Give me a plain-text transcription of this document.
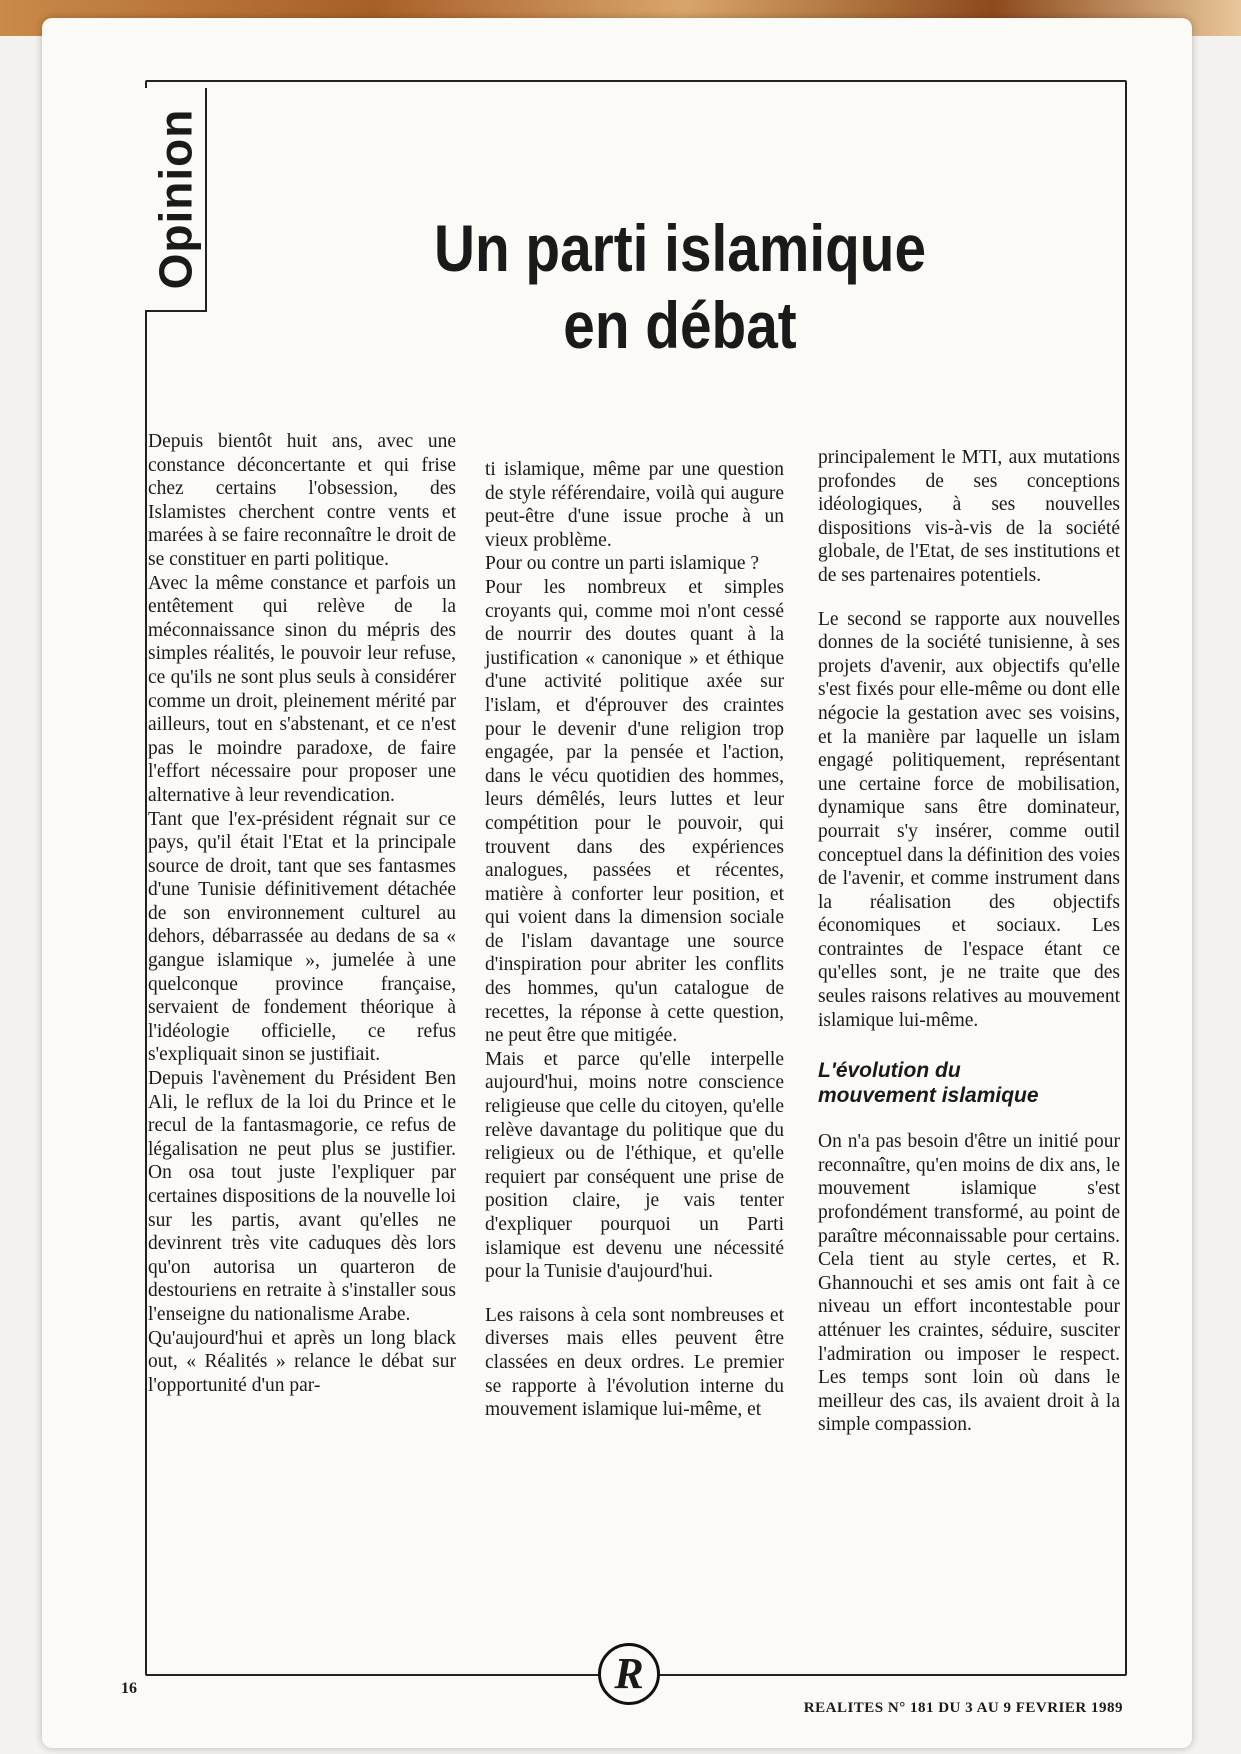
Opinion	Un parti islamique
en débat

Depuis bientôt huit ans, avec une constance déconcertante et qui frise chez certains l'obsession, des Islamistes cherchent contre vents et marées à se faire reconnaître le droit de se constituer en parti politique.

Avec la même constance et parfois un entêtement qui relève de la méconnaissance sinon du mépris des simples réalités, le pouvoir leur refuse, ce qu'ils ne sont plus seuls à considérer comme un droit, pleinement mérité par ailleurs, tout en s'abstenant, et ce n'est pas le moindre paradoxe, de faire l'effort nécessaire pour proposer une alternative à leur revendication.

Tant que l'ex-président régnait sur ce pays, qu'il était l'Etat et la principale source de droit, tant que ses fantasmes d'une Tunisie définitivement détachée de son environnement culturel au dehors, débarrassée au dedans de sa « gangue islamique », jumelée à une quelconque province française, servaient de fondement théorique à l'idéologie officielle, ce refus s'expliquait sinon se justifiait.

Depuis l'avènement du Président Ben Ali, le reflux de la loi du Prince et le recul de la fantasmagorie, ce refus de légalisation ne peut plus se justifier. On osa tout juste l'expliquer par certaines dispositions de la nouvelle loi sur les partis, avant qu'elles ne devinrent très vite caduques dès lors qu'on autorisa un quarteron de destouriens en retraite à s'installer sous l'enseigne du nationalisme Arabe.

Qu'aujourd'hui et après un long black out, « Réalités » relance le débat sur l'opportunité d'un par-

ti islamique, même par une question de style référendaire, voilà qui augure peut-être d'une issue proche à un vieux problème.

Pour ou contre un parti islamique ?

Pour les nombreux et simples croyants qui, comme moi n'ont cessé de nourrir des doutes quant à la justification « canonique » et éthique d'une activité politique axée sur l'islam, et d'éprouver des craintes pour le devenir d'une religion trop engagée, par la pensée et l'action, dans le vécu quotidien des hommes, leurs démêlés, leurs luttes et leur compétition pour le pouvoir, qui trouvent dans des expériences analogues, passées et récentes, matière à conforter leur position, et qui voient dans la dimension sociale de l'islam davantage une source d'inspiration pour abriter les conflits des hommes, qu'un catalogue de recettes, la réponse à cette question, ne peut être que mitigée.

Mais et parce qu'elle interpelle aujourd'hui, moins notre conscience religieuse que celle du citoyen, qu'elle relève davantage du politique que du religieux ou de l'éthique, et qu'elle requiert par conséquent une prise de position claire, je vais tenter d'expliquer pourquoi un Parti islamique est devenu une nécessité pour la Tunisie d'aujourd'hui.

Les raisons à cela sont nombreuses et diverses mais elles peuvent être classées en deux ordres. Le premier se rapporte à l'évolution interne du mouvement islamique lui-même, et

principalement le MTI, aux mutations profondes de ses conceptions idéologiques, à ses nouvelles dispositions vis-à-vis de la société globale, de l'Etat, de ses institutions et de ses partenaires potentiels.

Le second se rapporte aux nouvelles donnes de la société tunisienne, à ses projets d'avenir, aux objectifs qu'elle s'est fixés pour elle-même ou dont elle négocie la gestation avec ses voisins, et la manière par laquelle un islam engagé politiquement, représentant une certaine force de mobilisation, dynamique sans être dominateur, pourrait s'y insérer, comme outil conceptuel dans la définition des voies de l'avenir, et comme instrument dans la réalisation des objectifs économiques et sociaux. Les contraintes de l'espace étant ce qu'elles sont, je ne traite que des seules raisons relatives au mouvement islamique lui-même.

L'évolution du
mouvement islamique

On n'a pas besoin d'être un initié pour reconnaître, qu'en moins de dix ans, le mouvement islamique s'est profondément transformé, au point de paraître méconnaissable pour certains. Cela tient au style certes, et R. Ghannouchi et ses amis ont fait à ce niveau un effort incontestable pour atténuer les craintes, séduire, susciter l'admiration ou imposer le respect. Les temps sont loin où dans le meilleur des cas, ils avaient droit à la simple compassion.

R
16
REALITES N° 181 DU 3 AU 9 FEVRIER 1989
